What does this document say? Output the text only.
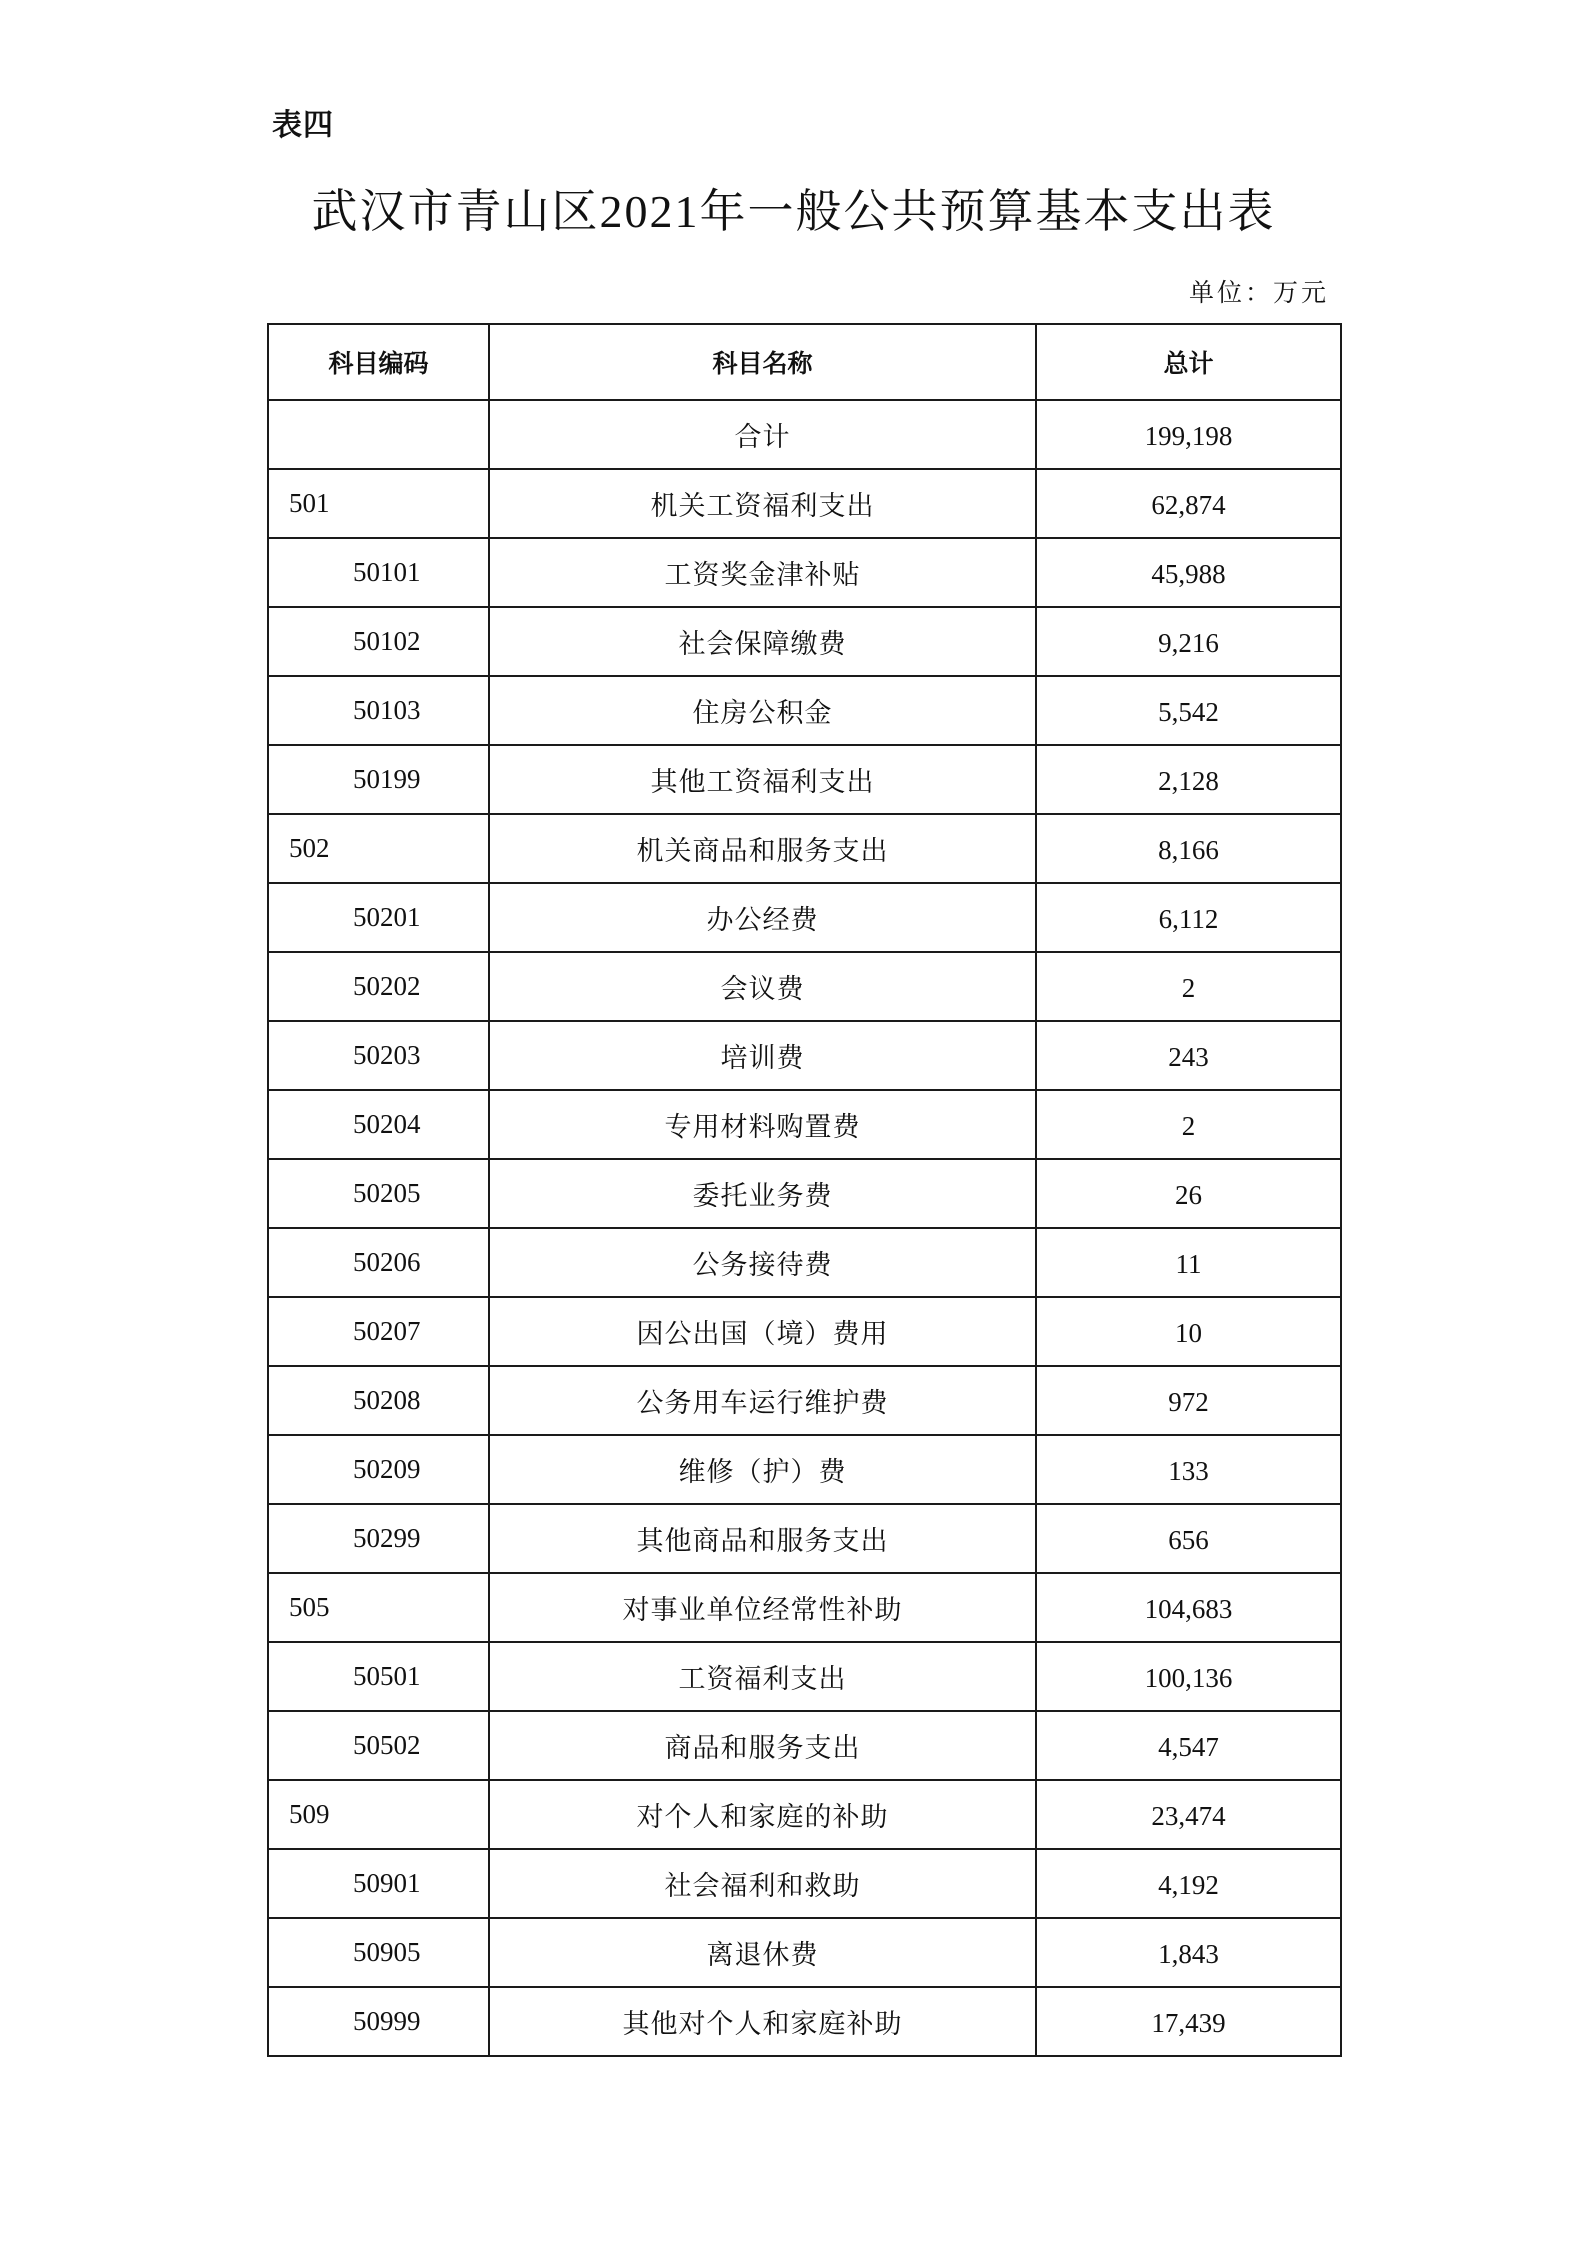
表四
武汉市青山区2021年一般公共预算基本支出表
单位：万元
科目编码	科目名称	总计
	合计	199,198
501	机关工资福利支出	62,874
50101	工资奖金津补贴	45,988
50102	社会保障缴费	9,216
50103	住房公积金	5,542
50199	其他工资福利支出	2,128
502	机关商品和服务支出	8,166
50201	办公经费	6,112
50202	会议费	2
50203	培训费	243
50204	专用材料购置费	2
50205	委托业务费	26
50206	公务接待费	11
50207	因公出国（境）费用	10
50208	公务用车运行维护费	972
50209	维修（护）费	133
50299	其他商品和服务支出	656
505	对事业单位经常性补助	104,683
50501	工资福利支出	100,136
50502	商品和服务支出	4,547
509	对个人和家庭的补助	23,474
50901	社会福利和救助	4,192
50905	离退休费	1,843
50999	其他对个人和家庭补助	17,439
